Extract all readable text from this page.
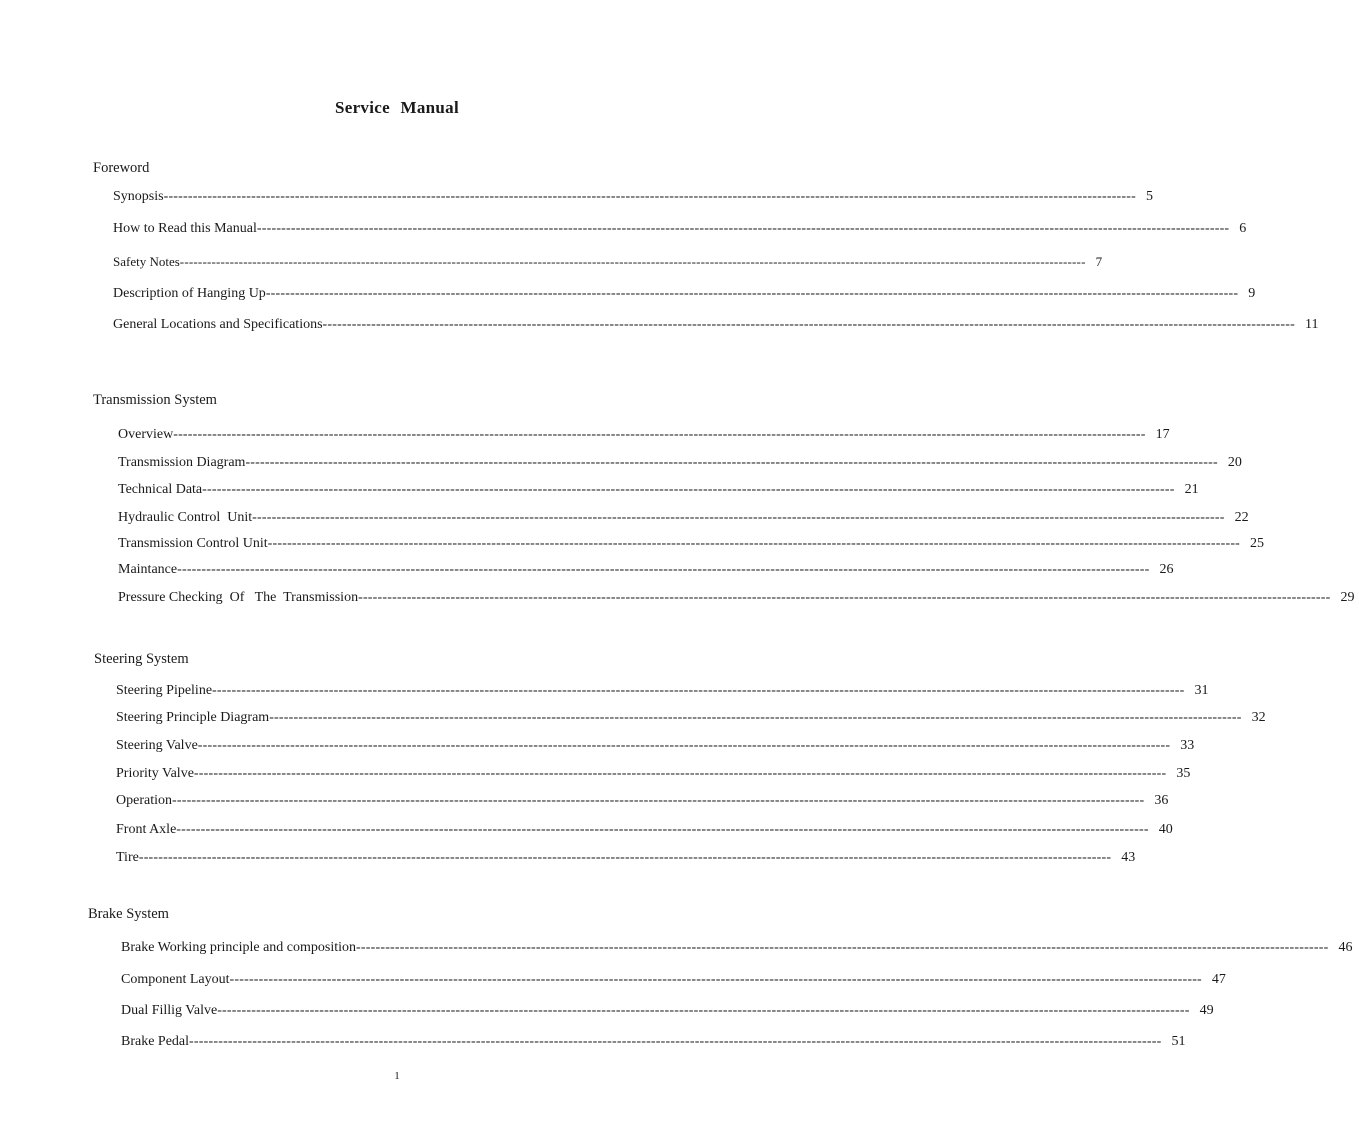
Service Manual
Foreword
Synopsis -------------------------------------------------------------------------------------------------------------------------------------------------------------------------------------------------------- 5
How to Read this Manual -------------------------------------------------------------------------------------------------------------------------------------------------------------------------------------------------------- 6
Safety Notes -------------------------------------------------------------------------------------------------------------------------------------------------------------------------------------------------------- 7
Description of Hanging Up -------------------------------------------------------------------------------------------------------------------------------------------------------------------------------------------------------- 9
General Locations and Specifications -------------------------------------------------------------------------------------------------------------------------------------------------------------------------------------------------------- 11
Transmission System
Overview -------------------------------------------------------------------------------------------------------------------------------------------------------------------------------------------------------- 17
Transmission Diagram -------------------------------------------------------------------------------------------------------------------------------------------------------------------------------------------------------- 20
Technical Data -------------------------------------------------------------------------------------------------------------------------------------------------------------------------------------------------------- 21
Hydraulic Control  Unit -------------------------------------------------------------------------------------------------------------------------------------------------------------------------------------------------------- 22
Transmission Control Unit -------------------------------------------------------------------------------------------------------------------------------------------------------------------------------------------------------- 25
Maintance -------------------------------------------------------------------------------------------------------------------------------------------------------------------------------------------------------- 26
Pressure Checking  Of   The  Transmission -------------------------------------------------------------------------------------------------------------------------------------------------------------------------------------------------------- 29
Steering System
Steering Pipeline -------------------------------------------------------------------------------------------------------------------------------------------------------------------------------------------------------- 31
Steering Principle Diagram -------------------------------------------------------------------------------------------------------------------------------------------------------------------------------------------------------- 32
Steering Valve -------------------------------------------------------------------------------------------------------------------------------------------------------------------------------------------------------- 33
Priority Valve -------------------------------------------------------------------------------------------------------------------------------------------------------------------------------------------------------- 35
Operation -------------------------------------------------------------------------------------------------------------------------------------------------------------------------------------------------------- 36
Front Axle -------------------------------------------------------------------------------------------------------------------------------------------------------------------------------------------------------- 40
Tire -------------------------------------------------------------------------------------------------------------------------------------------------------------------------------------------------------- 43
Brake System
Brake Working principle and composition -------------------------------------------------------------------------------------------------------------------------------------------------------------------------------------------------------- 46
Component Layout -------------------------------------------------------------------------------------------------------------------------------------------------------------------------------------------------------- 47
Dual Fillig Valve -------------------------------------------------------------------------------------------------------------------------------------------------------------------------------------------------------- 49
Brake Pedal -------------------------------------------------------------------------------------------------------------------------------------------------------------------------------------------------------- 51
1
